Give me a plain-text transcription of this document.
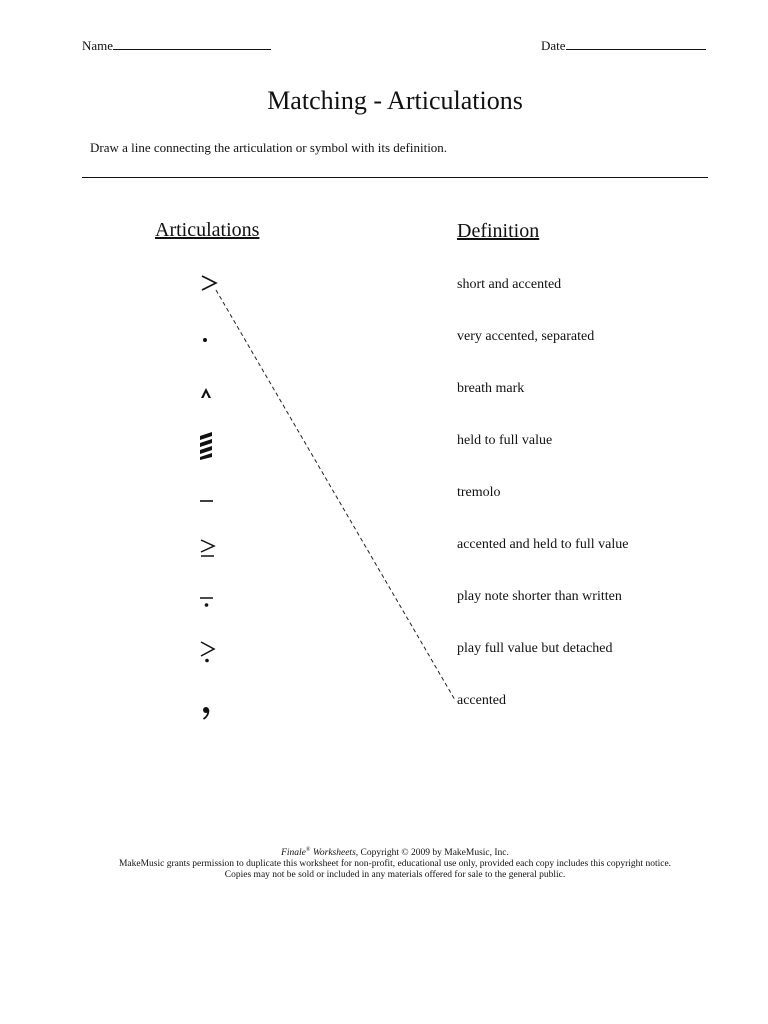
Name	Date
Matching - Articulations
Draw a line connecting the articulation or symbol with its definition.
Articulations	Definition
short and accented
very accented, separated
breath mark
held to full value
tremolo
accented and held to full value
play note shorter than written
play full value but detached
accented
Finale® Worksheets, Copyright © 2009 by MakeMusic, Inc.
MakeMusic grants permission to duplicate this worksheet for non-profit, educational use only, provided each copy includes this copyright notice.
Copies may not be sold or included in any materials offered for sale to the general public.
